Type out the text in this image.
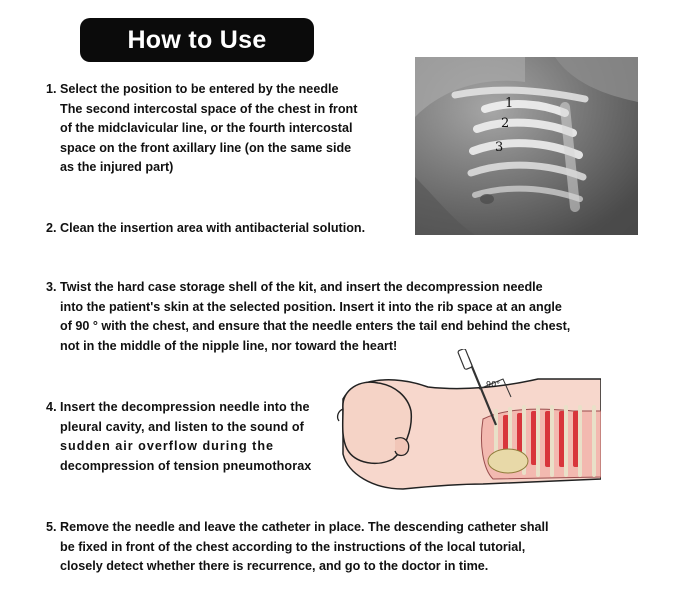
How to Use
1. Select the position to be entered by the needle
The second intercostal space of the chest in front
of the midclavicular line, or the fourth intercostal
space on the front axillary line (on the same side
as the injured part)
2. Clean the insertion area with antibacterial solution.
3. Twist the hard case storage shell of the kit, and insert the decompression needle
into the patient's skin at the selected position. Insert it into the rib space at an angle
of 90 ° with the chest, and ensure that the needle enters the tail end behind the chest,
not in the middle of the nipple line, nor toward the heart!
4. Insert the decompression needle into the
pleural cavity, and listen to the sound of
sudden air overflow during the
decompression of tension pneumothorax
5. Remove the needle and leave the catheter in place. The descending catheter shall
be fixed in front of the chest according to the instructions of the local tutorial,
closely detect whether there is recurrence, and go to the doctor in time.
1
2
3
90°
